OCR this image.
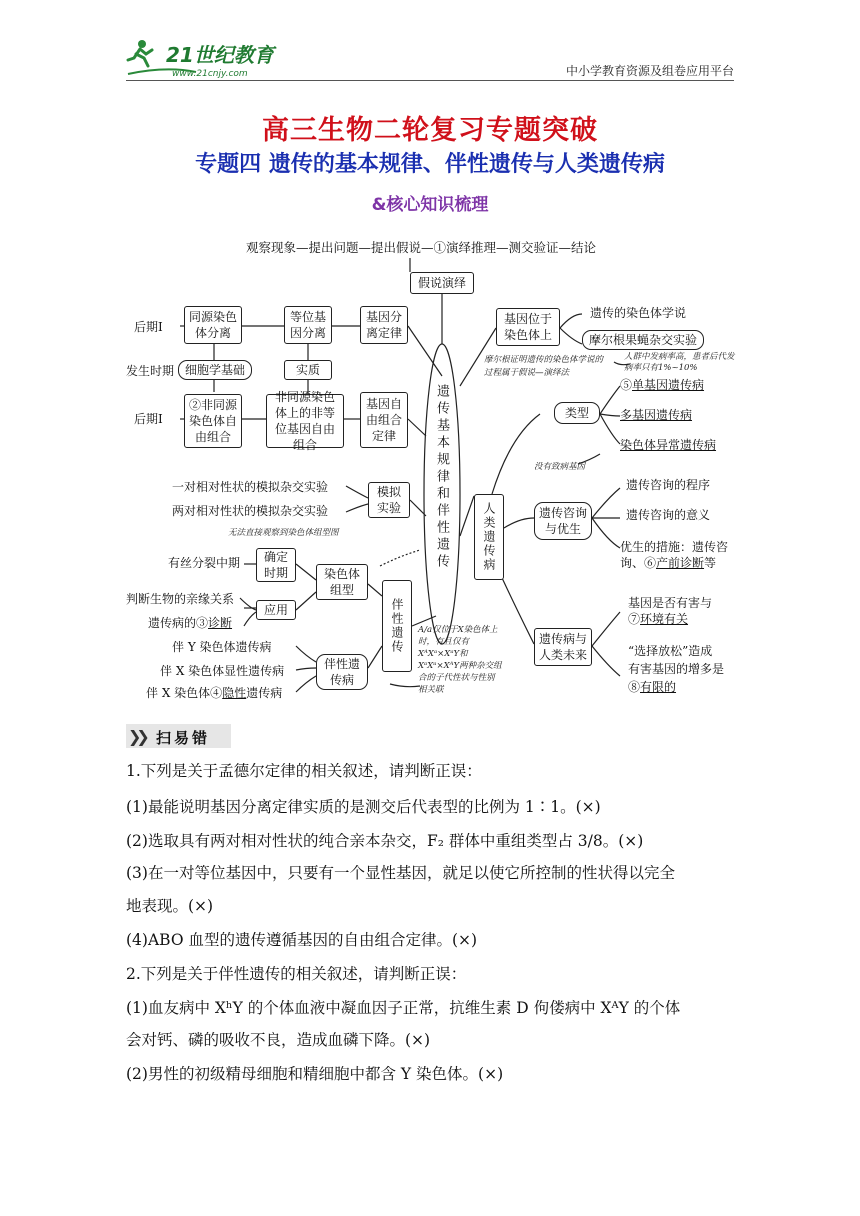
21世纪教育
www.21cnjy.com	中小学教育资源及组卷应用平台
高三生物二轮复习专题突破
专题四 遗传的基本规律、伴性遗传与人类遗传病
&核心知识梳理
观察现象—提出问题—提出假说—①演绎推理—测交验证—结论
假说演绎
遗传基本规律和伴性遗传
后期Ⅰ
发生时期
后期Ⅰ
同源染色体分离
细胞学基础
②非同源染色体自由组合
等位基因分离
实质
非同源染色体上的非等位基因自由组合
基因分离定律
基因自由组合定律
一对相对性状的模拟杂交实验
两对相对性状的模拟杂交实验
模拟实验
无法直接观察到染色体组型图
有丝分裂中期	确定时期	染色体组型
判断生物的亲缘关系
遗传病的③诊断
应用	伴性遗传
伴 Y 染色体遗传病
伴 X 染色体显性遗传病
伴 X 染色体④隐性遗传病
伴性遗传病
A/a仅位于X染色体上时，有且仅有XᴬXᵃ×XᵃY和XᵃXᵃ×XᴬY两种杂交组合的子代性状与性别相关联
基因位于染色体上
遗传的染色体学说
摩尔根果蝇杂交实验
摩尔根证明遗传的染色体学说的过程属于假说—演绎法
人群中发病率高，患者后代发病率只有1%~10%
⑤单基因遗传病
多基因遗传病
染色体异常遗传病
类型
没有致病基因
人类遗传病
遗传咨询的程序
遗传咨询的意义
优生的措施：遗传咨
询、⑥产前诊断等
遗传咨询与优生
基因是否有害与
⑦环境有关
“选择放松”造成
有害基因的增多是
⑧有限的
遗传病与人类未来
❯❯ 扫易错
1.下列是关于孟德尔定律的相关叙述，请判断正误：
(1)最能说明基因分离定律实质的是测交后代表型的比例为 1∶1。(×)
(2)选取具有两对相对性状的纯合亲本杂交，F₂ 群体中重组类型占 3/8。(×)
(3)在一对等位基因中，只要有一个显性基因，就足以使它所控制的性状得以完全
地表现。(×)
(4)ABO 血型的遗传遵循基因的自由组合定律。(×)
2.下列是关于伴性遗传的相关叙述，请判断正误：
(1)血友病中 XʰY 的个体血液中凝血因子正常，抗维生素 D 佝偻病中 XᴬY 的个体
会对钙、磷的吸收不良，造成血磷下降。(×)
(2)男性的初级精母细胞和精细胞中都含 Y 染色体。(×)
